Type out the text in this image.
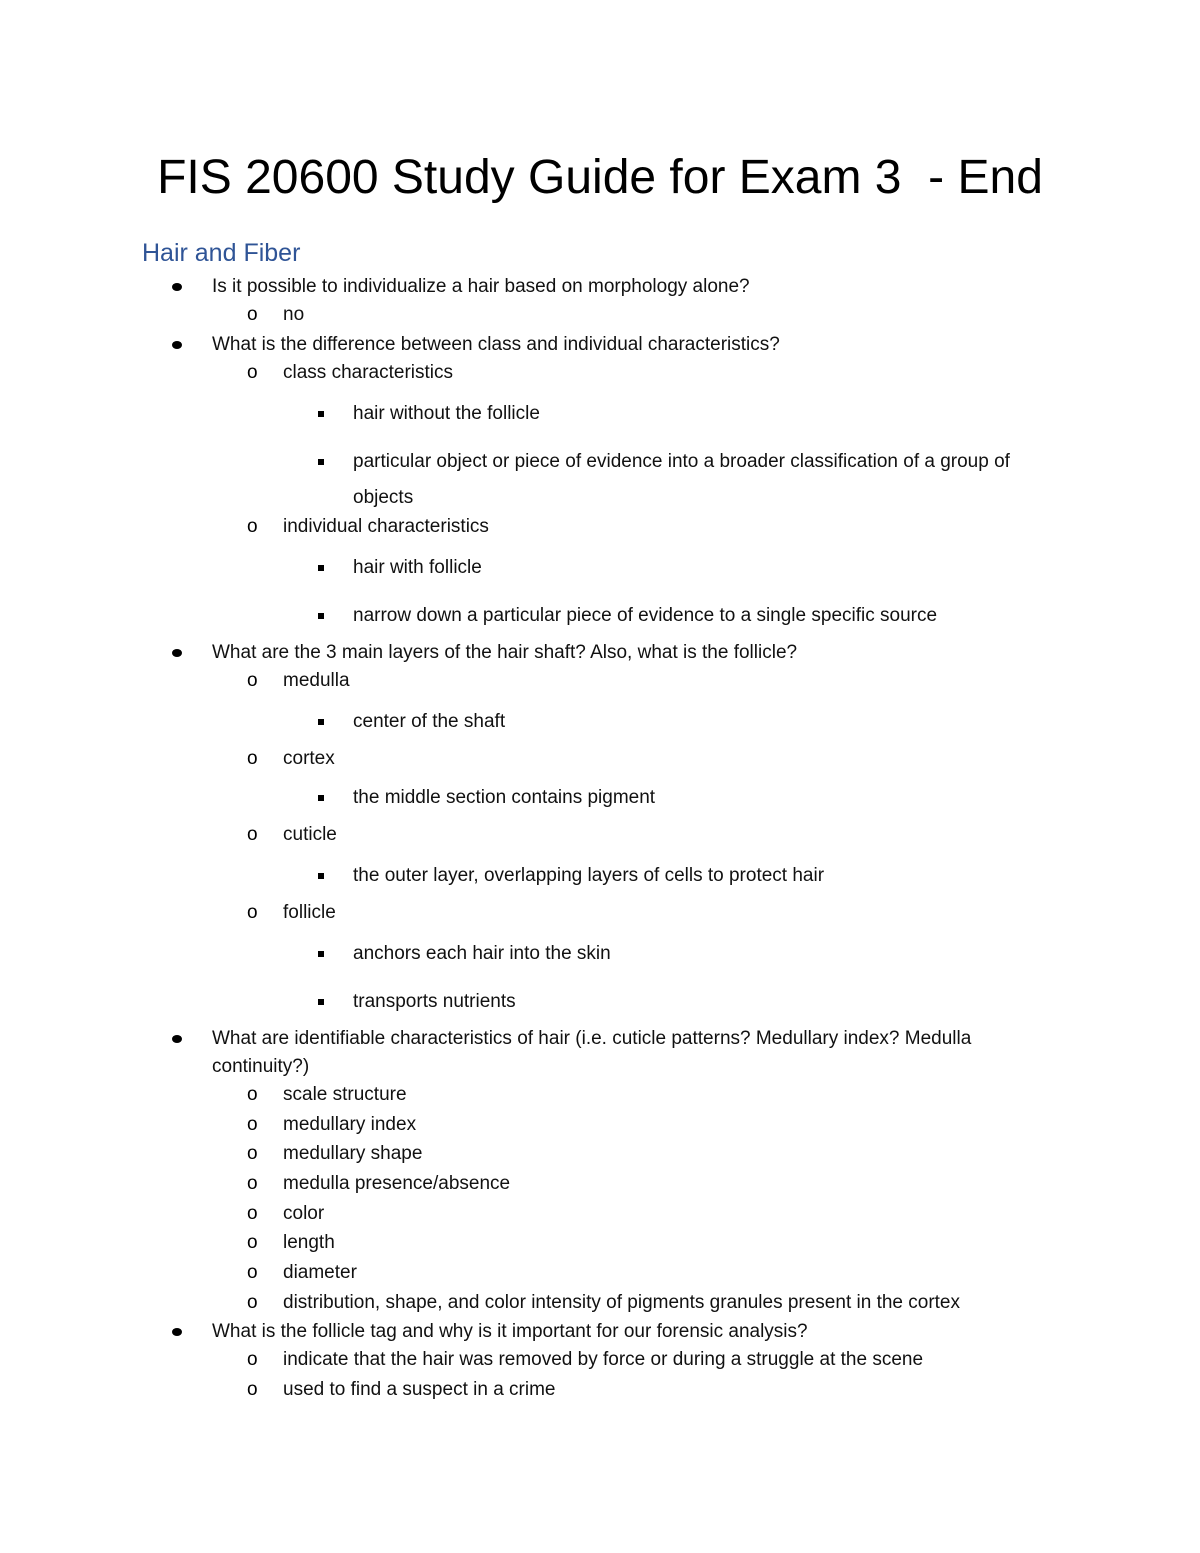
FIS 20600 Study Guide for Exam 3  - End
Hair and Fiber
Is it possible to individualize a hair based on morphology alone?
o no
What is the difference between class and individual characteristics?
o class characteristics
hair without the follicle
particular object or piece of evidence into a broader classification of a group of
objects
o individual characteristics
hair with follicle
narrow down a particular piece of evidence to a single specific source
What are the 3 main layers of the hair shaft? Also, what is the follicle?
o medulla
center of the shaft
o cortex
the middle section contains pigment
o cuticle
the outer layer, overlapping layers of cells to protect hair
o follicle
anchors each hair into the skin
transports nutrients
What are identifiable characteristics of hair (i.e. cuticle patterns? Medullary index? Medulla
continuity?)
o scale structure
o medullary index
o medullary shape
o medulla presence/absence
o color
o length
o diameter
o distribution, shape, and color intensity of pigments granules present in the cortex
What is the follicle tag and why is it important for our forensic analysis?
o indicate that the hair was removed by force or during a struggle at the scene
o used to find a suspect in a crime
